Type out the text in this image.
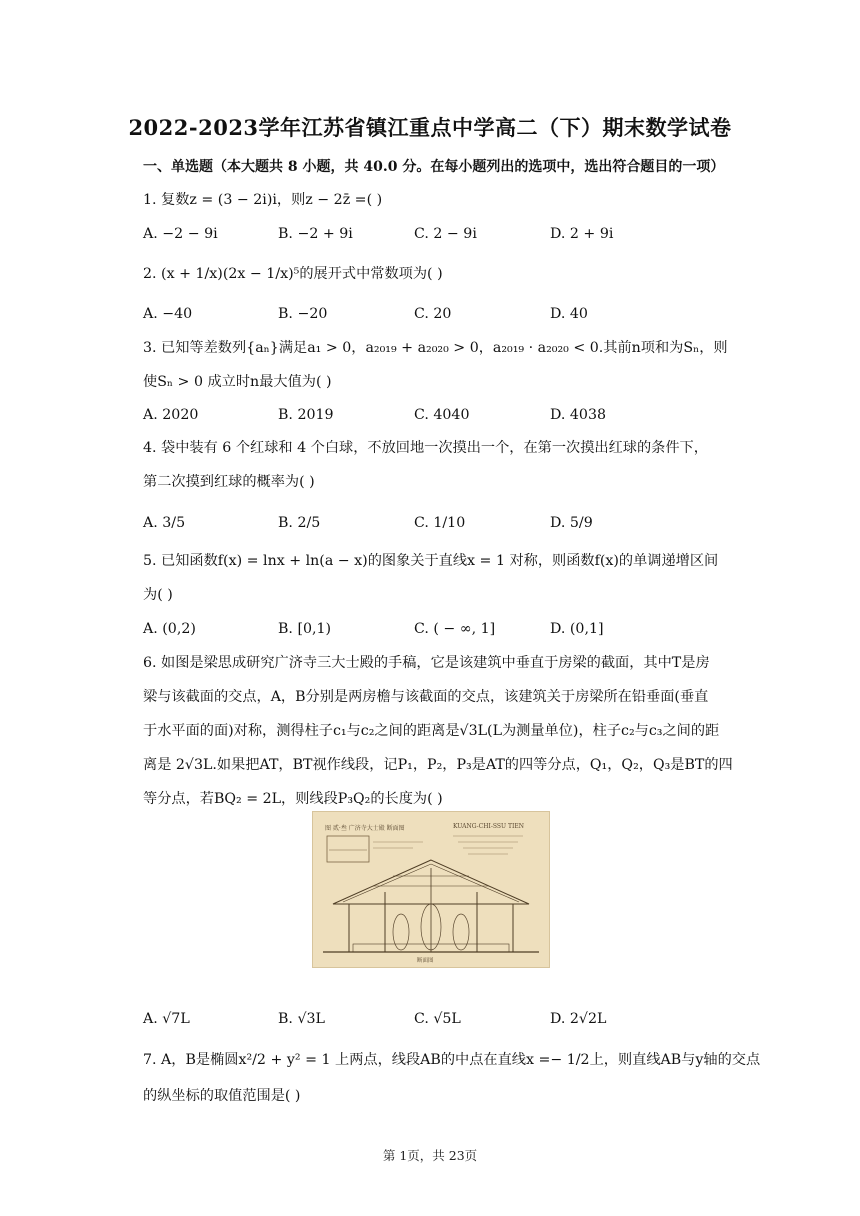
2022-2023学年江苏省镇江重点中学高二（下）期末数学试卷
一、单选题（本大题共 8 小题，共 40.0 分。在每小题列出的选项中，选出符合题目的一项）
1. 复数z = (3 − 2i)i，则z − 2z̄ =( )
A. −2 − 9i	B. −2 + 9i	C. 2 − 9i	D. 2 + 9i
2. (x + 1/x)(2x − 1/x)⁵的展开式中常数项为( )
A. −40	B. −20	C. 20	D. 40
3. 已知等差数列{aₙ}满足a₁ > 0，a₂₀₁₉ + a₂₀₂₀ > 0，a₂₀₁₉ · a₂₀₂₀ < 0.其前n项和为Sₙ，则
使Sₙ > 0 成立时n最大值为( )
A. 2020	B. 2019	C. 4040	D. 4038
4. 袋中装有 6 个红球和 4 个白球，不放回地一次摸出一个，在第一次摸出红球的条件下，
第二次摸到红球的概率为( )
A. 3/5	B. 2/5	C. 1/10	D. 5/9
5. 已知函数f(x) = lnx + ln(a − x)的图象关于直线x = 1 对称，则函数f(x)的单调递增区间
为( )
A. (0,2)	B. [0,1)	C. ( − ∞, 1]	D. (0,1]
6. 如图是梁思成研究广济寺三大士殿的手稿，它是该建筑中垂直于房梁的截面，其中T是房
梁与该截面的交点，A，B分别是两房檐与该截面的交点，该建筑关于房梁所在铅垂面(垂直
于水平面的面)对称，测得柱子c₁与c₂之间的距离是√3L(L为测量单位)，柱子c₂与c₃之间的距
离是 2√3L.如果把AT，BT视作线段，记P₁，P₂，P₃是AT的四等分点，Q₁，Q₂，Q₃是BT的四
等分点，若BQ₂ = 2L，则线段P₃Q₂的长度为( )
图 贰·叁 广济寺大士殿 断面图	KUANG-CHI-SSU TIEN
断面图
A. √7L	B. √3L	C. √5L	D. 2√2L
7. A，B是椭圆x²/2 + y² = 1 上两点，线段AB的中点在直线x =− 1/2上，则直线AB与y轴的交点
的纵坐标的取值范围是( )
第 1页，共 23页
